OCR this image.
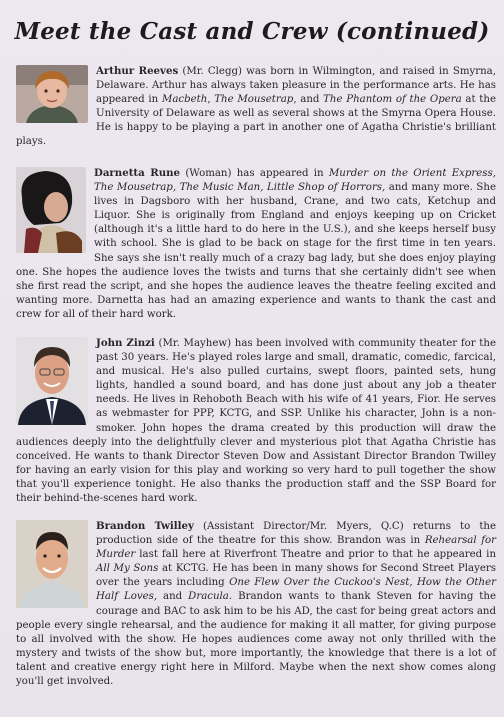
Meet the Cast and Crew (continued)
Arthur Reeves (Mr. Clegg) was born in Wilmington, and raised in Smyrna, Delaware. Arthur has always taken pleasure in the performance arts. He has appeared in Macbeth, The Mousetrap, and The Phantom of the Opera at the University of Delaware as well as several shows at the Smyrna Opera House. He is happy to be playing a part in another one of Agatha Christie's brilliant plays.
Darnetta Rune (Woman) has appeared in Murder on the Orient Express, The Mousetrap, The Music Man, Little Shop of Horrors, and many more. She lives in Dagsboro with her husband, Crane, and two cats, Ketchup and Liquor. She is originally from England and enjoys keeping up on Cricket (although it's a little hard to do here in the U.S.), and she keeps herself busy with school. She is glad to be back on stage for the first time in ten years. She says she isn't really much of a crazy bag lady, but she does enjoy playing one. She hopes the audience loves the twists and turns that she certainly didn't see when she first read the script, and she hopes the audience leaves the theatre feeling excited and wanting more. Darnetta has had an amazing experience and wants to thank the cast and crew for all of their hard work.
John Zinzi (Mr. Mayhew) has been involved with community theater for the past 30 years. He's played roles large and small, dramatic, comedic, farcical, and musical. He's also pulled curtains, swept floors, painted sets, hung lights, handled a sound board, and has done just about any job a theater needs. He lives in Rehoboth Beach with his wife of 41 years, Fior. He serves as webmaster for PPP, KCTG, and SSP. Unlike his character, John is a non-smoker. John hopes the drama created by this production will draw the audiences deeply into the delightfully clever and mysterious plot that Agatha Christie has conceived. He wants to thank Director Steven Dow and Assistant Director Brandon Twilley for having an early vision for this play and working so very hard to pull together the show that you'll experience tonight. He also thanks the production staff and the SSP Board for their behind-the-scenes hard work.
Brandon Twilley (Assistant Director/Mr. Myers, Q.C) returns to the production side of the theatre for this show. Brandon was in Rehearsal for Murder last fall here at Riverfront Theatre and prior to that he appeared in All My Sons at KCTG. He has been in many shows for Second Street Players over the years including One Flew Over the Cuckoo's Nest, How the Other Half Loves, and Dracula. Brandon wants to thank Steven for having the courage and BAC to ask him to be his AD, the cast for being great actors and people every single rehearsal, and the audience for making it all matter, for giving purpose to all involved with the show. He hopes audiences come away not only thrilled with the mystery and twists of the show but, more importantly, the knowledge that there is a lot of talent and creative energy right here in Milford. Maybe when the next show comes along you'll get involved.
